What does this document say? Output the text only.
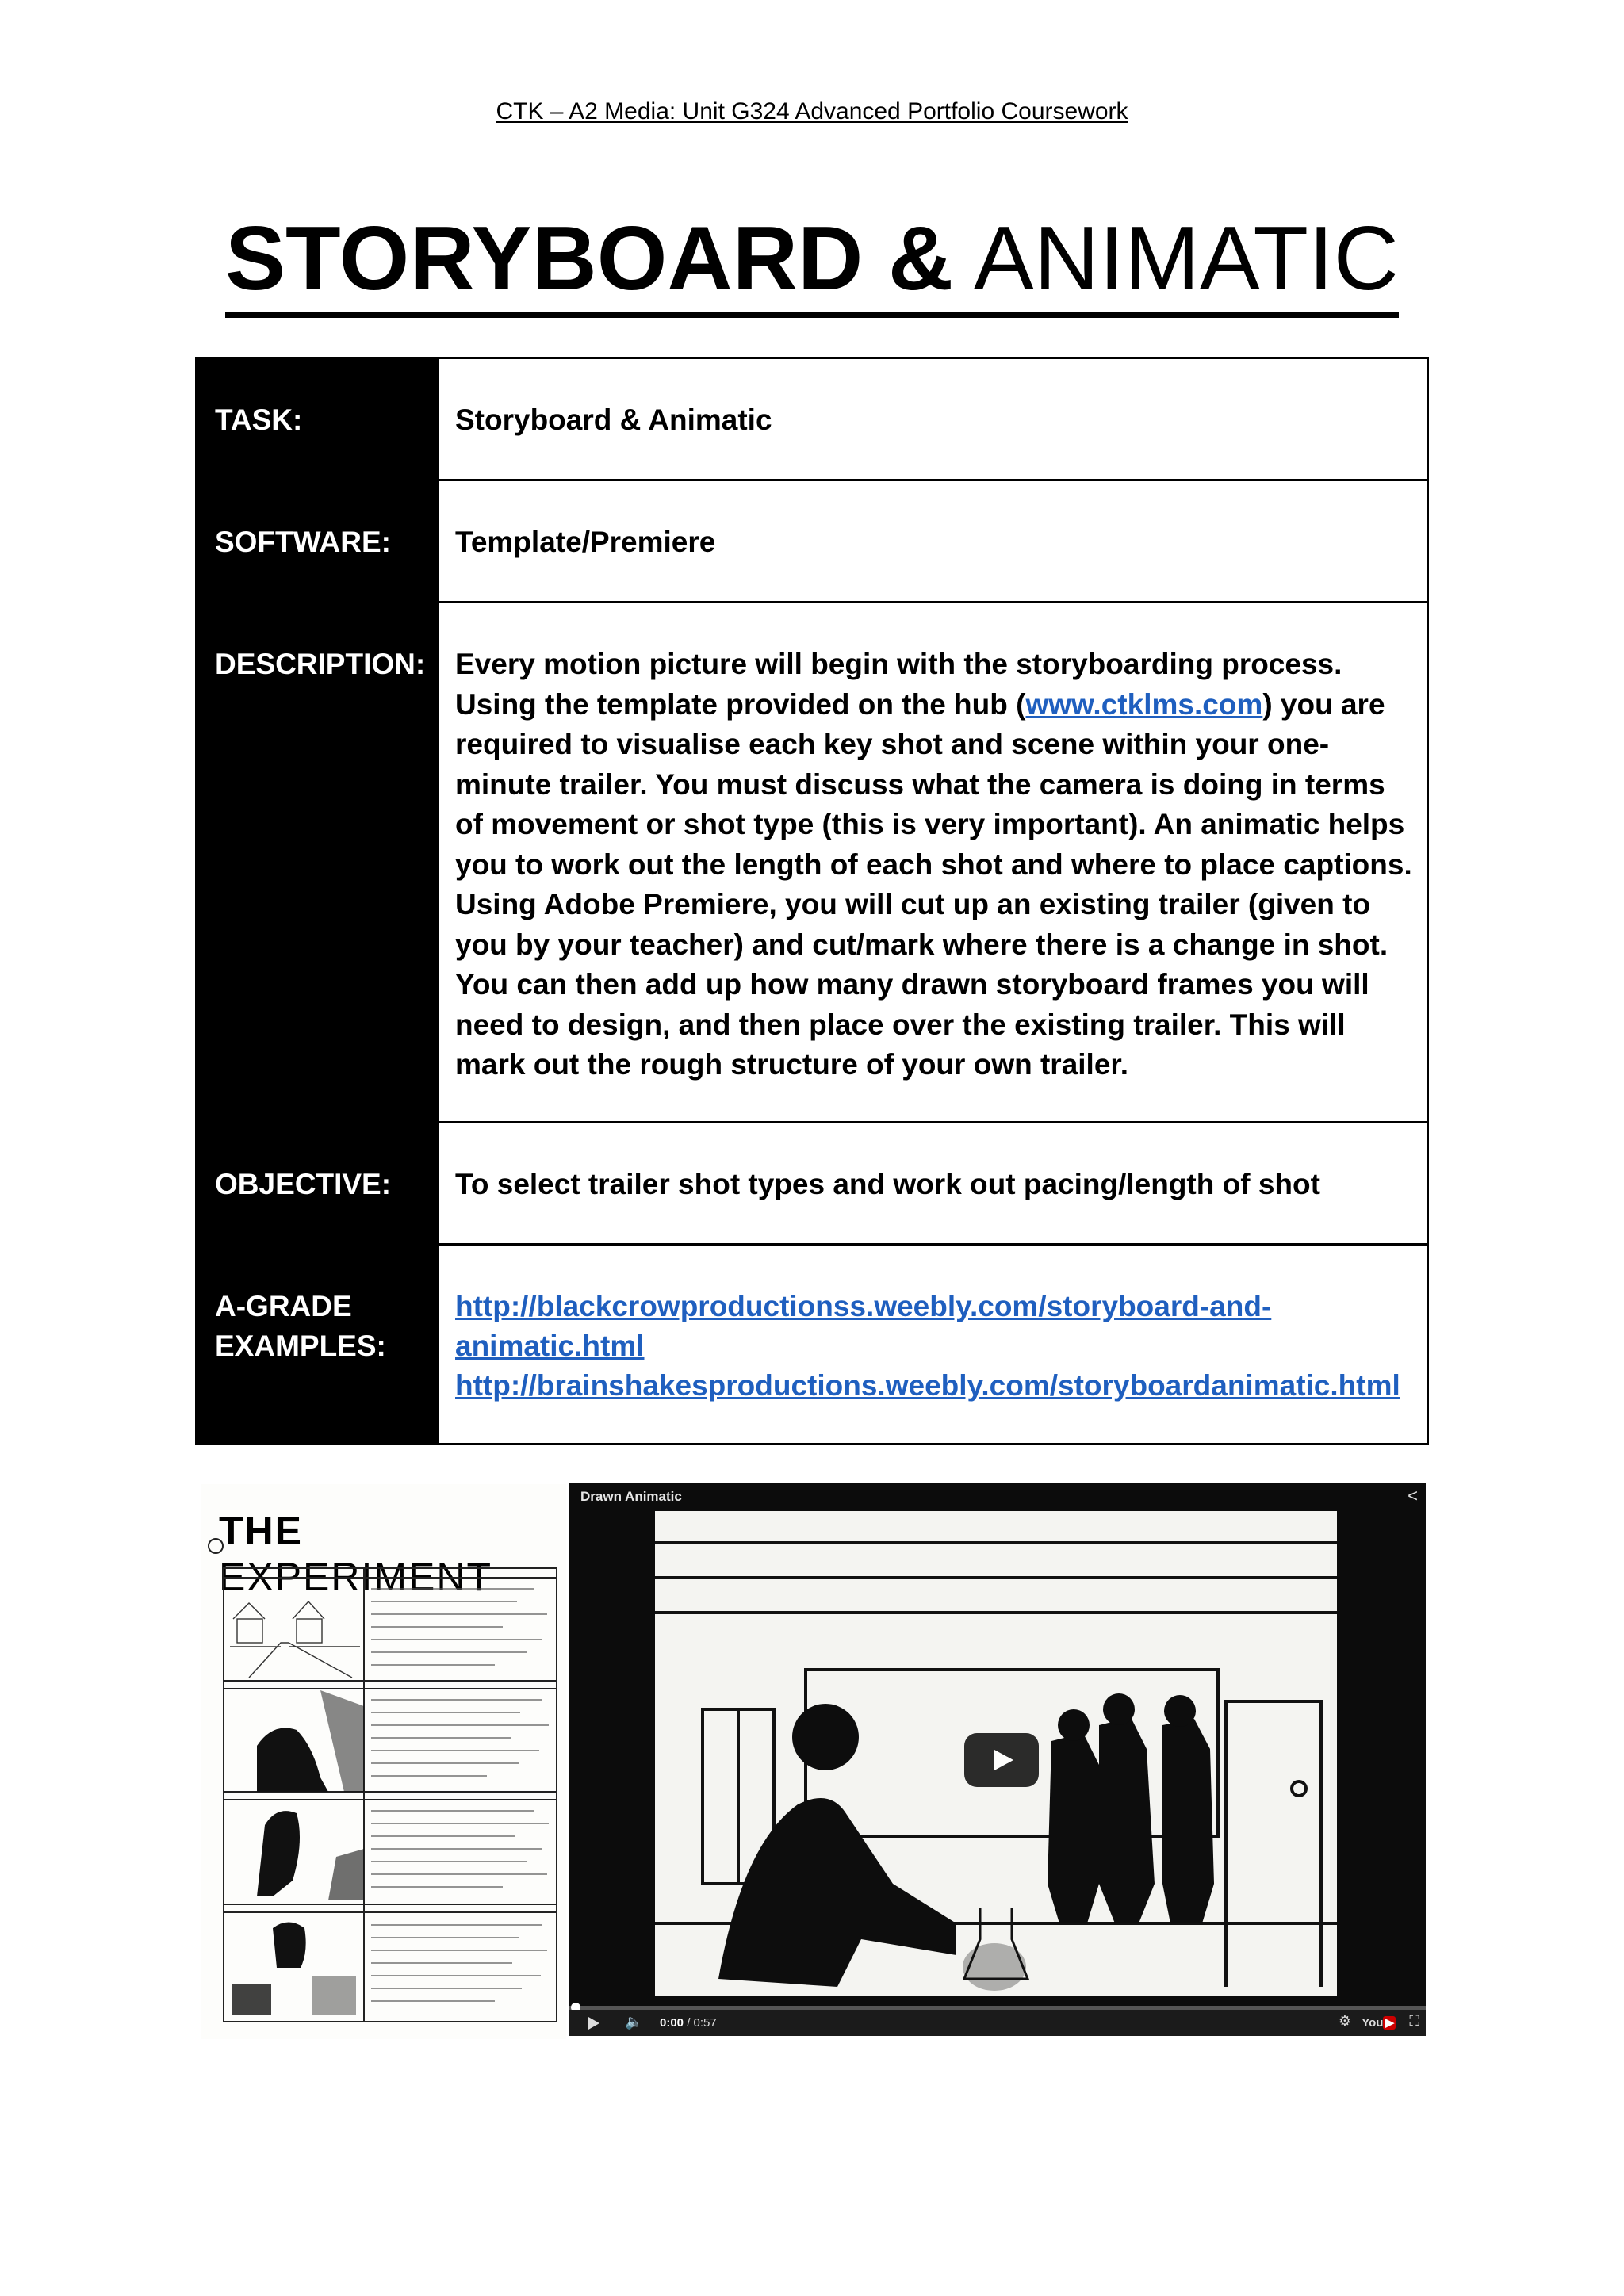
CTK – A2 Media: Unit G324 Advanced Portfolio Coursework
STORYBOARD & ANIMATIC
TASK:	Storyboard & Animatic
SOFTWARE:	Template/Premiere
DESCRIPTION:	Every motion picture will begin with the storyboarding process. Using the template provided on the hub (www.ctklms.com) you are required to visualise each key shot and scene within your one-minute trailer. You must discuss what the camera is doing in terms of movement or shot type (this is very important). An animatic helps you to work out the length of each shot and where to place captions. Using Adobe Premiere, you will cut up an existing trailer (given to you by your teacher) and cut/mark where there is a change in shot. You can then add up how many drawn storyboard frames you will need to design, and then place over the existing trailer. This will mark out the rough structure of your own trailer.
OBJECTIVE:	To select trailer shot types and work out pacing/length of shot
A-GRADE
EXAMPLES:	http://blackcrowproductionss.weebly.com/storyboard-and-
animatic.html
http://brainshakesproductions.weebly.com/storyboardanimatic.html
THE EXPERIMENT
Drawn Animatic	<
🔈 0:00 / 0:57	⚙ You ▶ ⛶
